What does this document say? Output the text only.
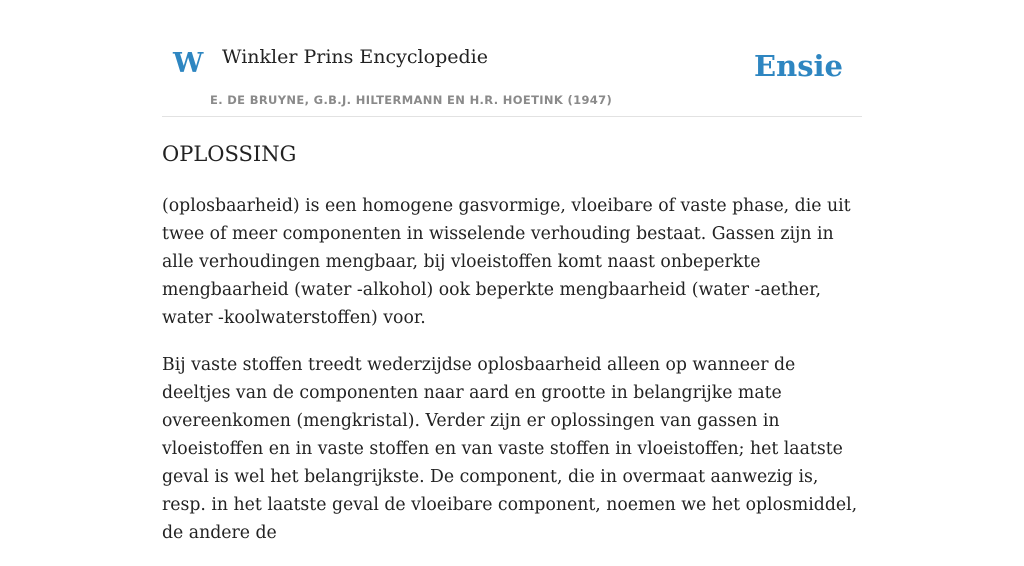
W Winkler Prins Encyclopedie
E. DE BRUYNE, G.B.J. HILTERMANN EN H.R. HOETINK (1947)
Ensie
OPLOSSING

(oplosbaarheid) is een homogene gasvormige, vloeibare of vaste phase, die uit twee of meer componenten in wisselende verhouding bestaat. Gassen zijn in alle verhoudingen mengbaar, bij vloeistoffen komt naast onbeperkte mengbaarheid (water -alkohol) ook beperkte mengbaarheid (water -aether, water -koolwaterstoffen) voor.

Bij vaste stoffen treedt wederzijdse oplosbaarheid alleen op wanneer de deeltjes van de componenten naar aard en grootte in belangrijke mate overeenkomen (mengkristal). Verder zijn er oplossingen van gassen in vloeistoffen en in vaste stoffen en van vaste stoffen in vloeistoffen; het laatste geval is wel het belangrijkste. De component, die in overmaat aanwezig is, resp. in het laatste geval de vloeibare component, noemen we het oplosmiddel, de andere de
